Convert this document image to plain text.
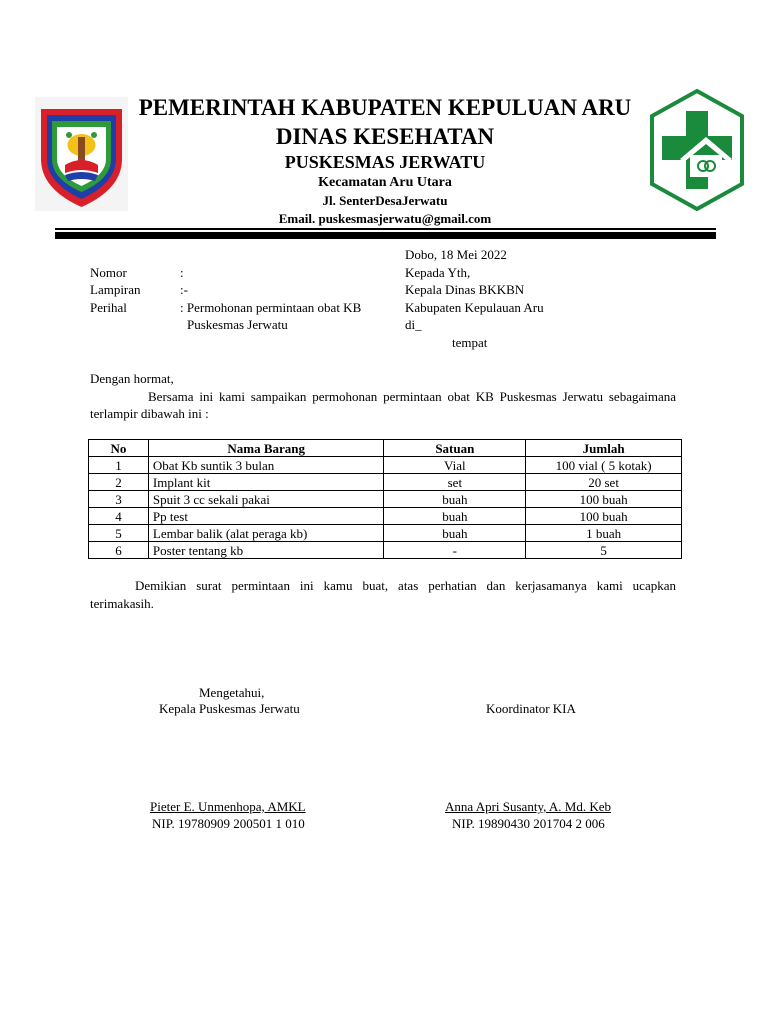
PEMERINTAH KABUPATEN KEPULUAN ARU
DINAS KESEHATAN
PUSKESMAS JERWATU
Kecamatan Aru Utara
Jl. SenterDesaJerwatu
Email. puskesmasjerwatu@gmail.com
Dobo, 18 Mei 2022
Kepada Yth,
Kepala Dinas BKKBN
Kabupaten Kepulauan Aru
di_
tempat
Nomor	:
Lampiran	:-
Perihal	: Permohonan permintaan obat KB
Puskesmas Jerwatu
Dengan hormat,
Bersama ini kami sampaikan permohonan permintaan obat KB Puskesmas Jerwatu sebagaimana
terlampir dibawah ini :
No	Nama Barang	Satuan	Jumlah
1	Obat Kb suntik 3 bulan	Vial	100 vial ( 5 kotak)
2	Implant kit	set	20 set
3	Spuit 3 cc sekali pakai	buah	100 buah
4	Pp test	buah	100 buah
5	Lembar balik (alat peraga kb)	buah	1 buah
6	Poster tentang kb	-	5
Demikian surat permintaan ini kamu buat, atas perhatian dan kerjasamanya kami ucapkan
terimakasih.
Mengetahui,
Kepala Puskesmas Jerwatu	Koordinator KIA
Pieter E. Unmenhopa, AMKL
NIP. 19780909 200501 1 010
Anna Apri Susanty, A. Md. Keb
NIP. 19890430 201704 2 006
